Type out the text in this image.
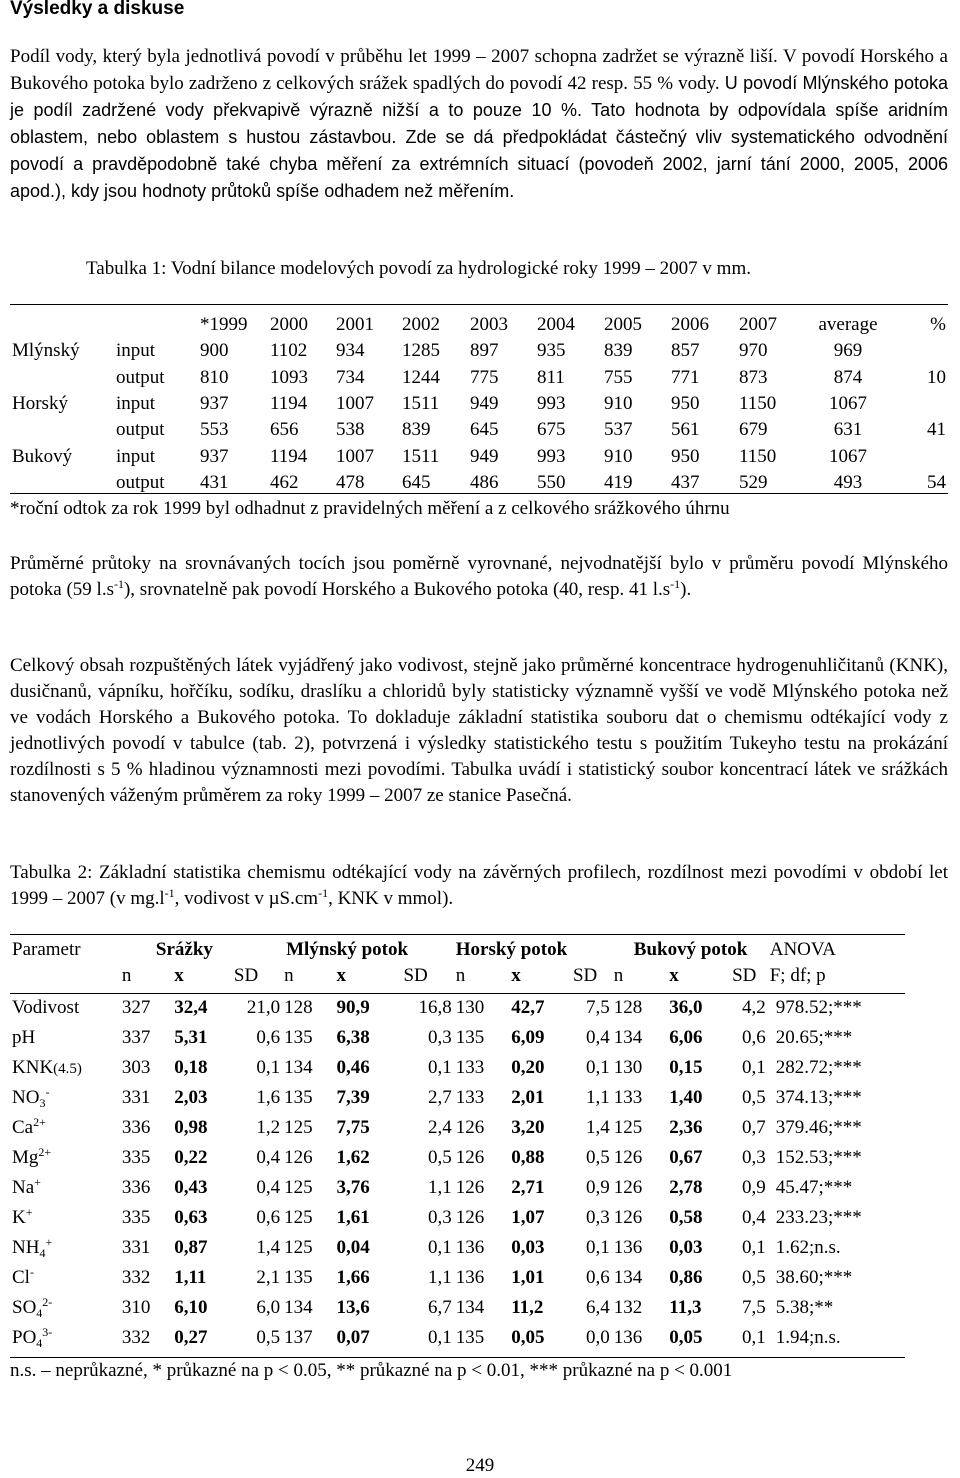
Výsledky a diskuse

Podíl vody, který byla jednotlivá povodí v průběhu let 1999 – 2007 schopna zadržet se výrazně liší. V povodí Horského a Bukového potoka bylo zadrženo z celkových srážek spadlých do povodí 42 resp. 55 % vody. U povodí Mlýnského potoka je podíl zadržené vody překvapivě výrazně nižší a to pouze 10 %. Tato hodnota by odpovídala spíše aridním oblastem, nebo oblastem s hustou zástavbou. Zde se dá předpokládat částečný vliv systematického odvodnění povodí a pravděpodobně také chyba měření za extrémních situací (povodeň 2002, jarní tání 2000, 2005, 2006 apod.), kdy jsou hodnoty průtoků spíše odhadem než měřením.

Tabulka 1: Vodní bilance modelových povodí za hydrologické roky 1999 – 2007 v mm.
		*1999	2000	2001	2002	2003	2004	2005	2006	2007	average	%
Mlýnský	input	900	1102	934	1285	897	935	839	857	970	969	
	output	810	1093	734	1244	775	811	755	771	873	874	10
Horský	input	937	1194	1007	1511	949	993	910	950	1150	1067	
	output	553	656	538	839	645	675	537	561	679	631	41
Bukový	input	937	1194	1007	1511	949	993	910	950	1150	1067	
	output	431	462	478	645	486	550	419	437	529	493	54
*roční odtok za rok 1999 byl odhadnut z pravidelných měření a z celkového srážkového úhrnu

Průměrné průtoky na srovnávaných tocích jsou poměrně vyrovnané, nejvodnatější bylo v průměru povodí Mlýnského potoka (59 $l.s^{-1}$), srovnatelně pak povodí Horského a Bukového potoka (40, resp. 41 $l.s^{-1}$).

Celkový obsah rozpuštěných látek vyjádřený jako vodivost, stejně jako průměrné koncentrace hydrogenuhličitanů (KNK), dusičnanů, vápníku, hořčíku, sodíku, draslíku a chloridů byly statisticky významně vyšší ve vodě Mlýnského potoka než ve vodách Horského a Bukového potoka. To dokladuje základní statistika souboru dat o chemismu odtékající vody z jednotlivých povodí v tabulce (tab. 2), potvrzená i výsledky statistického testu s použitím Tukeyho testu na prokázání rozdílnosti s 5 % hladinou významnosti mezi povodími. Tabulka uvádí i statistický soubor koncentrací látek ve srážkách stanovených váženým průměrem za roky 1999 – 2007 ze stanice Pasečná.

Tabulka 2: Základní statistika chemismu odtékající vody na závěrných profilech, rozdílnost mezi povodími v období let 1999 – 2007 (v $mg.l^{-1}$, vodivost v $\mu S.cm^{-1}$, KNK v mmol).

Parametr	Srážky			Mlýnský potok			Horský potok			Bukový potok			ANOVA
	n	x	SD	n	x	SD	n	x	SD	n	x	SD	F; df; p
Vodivost	327	32,4	21,0	128	90,9	16,8	130	42,7	7,5	128	36,0	4,2	978.52;***
pH	337	5,31	0,6	135	6,38	0,3	135	6,09	0,4	134	6,06	0,6	20.65;***
KNK(4.5)	303	0,18	0,1	134	0,46	0,1	133	0,20	0,1	130	0,15	0,1	282.72;***
$NO_3^-$	331	2,03	1,6	135	7,39	2,7	133	2,01	1,1	133	1,40	0,5	374.13;***
$Ca^{2+}$	336	0,98	1,2	125	7,75	2,4	126	3,20	1,4	125	2,36	0,7	379.46;***
$Mg^{2+}$	335	0,22	0,4	126	1,62	0,5	126	0,88	0,5	126	0,67	0,3	152.53;***
Na+	336	0,43	0,4	125	3,76	1,1	126	2,71	0,9	126	2,78	0,9	45.47;***
K+	335	0,63	0,6	125	1,61	0,3	126	1,07	0,3	126	0,58	0,4	233.23;***
$NH_4^+$	331	0,87	1,4	125	0,04	0,1	136	0,03	0,1	136	0,03	0,1	1.62;n.s.
Cl-	332	1,11	2,1	135	1,66	1,1	136	1,01	0,6	134	0,86	0,5	38.60;***
$SO_4^{2-}$	310	6,10	6,0	134	13,6	6,7	134	11,2	6,4	132	11,3	7,5	5.38;**
$PO_4^{3-}$	332	0,27	0,5	137	0,07	0,1	135	0,05	0,0	136	0,05	0,1	1.94;n.s.
n.s. – neprůkazné, * průkazné na p < 0.05, ** průkazné na p < 0.01, *** průkazné na p < 0.001
249
